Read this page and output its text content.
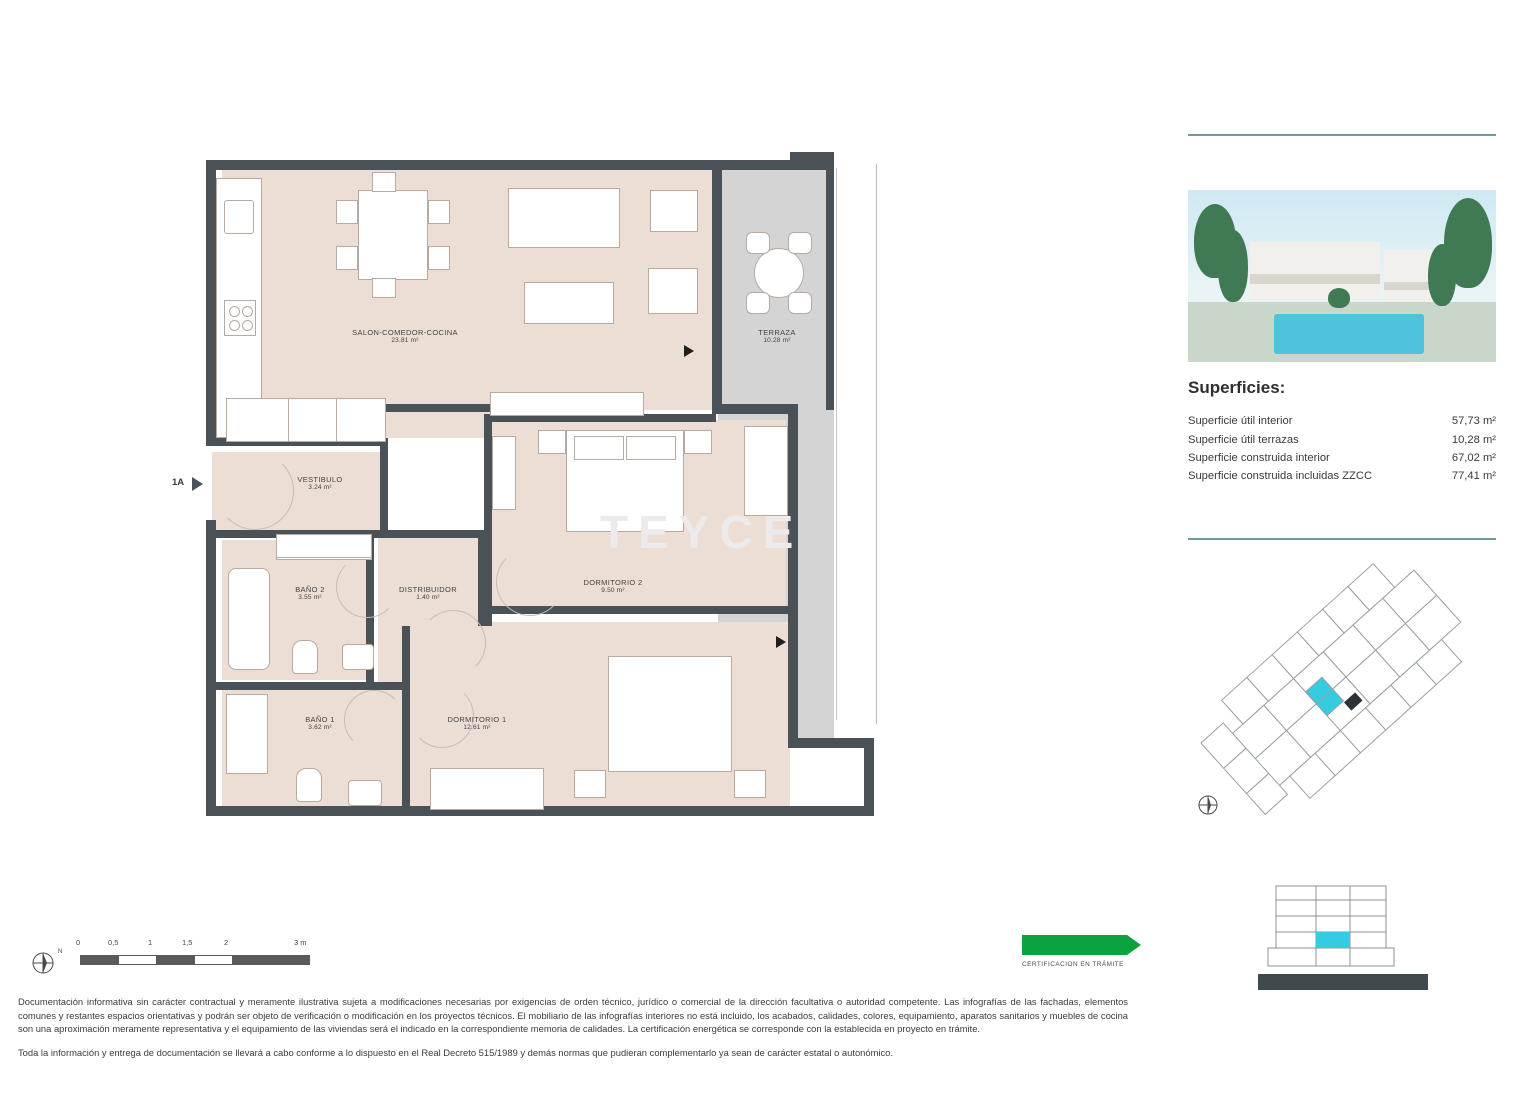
SALON-COMEDOR-COCINA
23.81 m²
TERRAZA
10.28 m²
VESTIBULO
3.24 m²
BAÑO 2
3.55 m²
DISTRIBUIDOR
1.40 m²
DORMITORIO 2
9.50 m²
BAÑO 1
3.62 m²
DORMITORIO 1
12.61 m²
TEYCE
1A
0	0,5	1	1,5	2	3 m
N
CERTIFICACION EN TRÁMITE

Documentación informativa sin carácter contractual y meramente ilustrativa sujeta a modificaciones necesarias por exigencias de orden técnico, jurídico o comercial de la dirección facultativa o autoridad competente. Las infografías de las fachadas, elementos comunes y restantes espacios orientativas y podrán ser objeto de verificación o modificación en los proyectos técnicos. El mobiliario de las infografías interiores no está incluido, los acabados, calidades, colores, equipamiento, aparatos sanitarios y muebles de cocina son una aproximación meramente representativa y el equipamiento de las viviendas será el indicado en la correspondiente memoria de calidades. La certificación energética se corresponde con la establecida en proyecto en trámite.

Toda la información y entrega de documentación se llevará a cabo conforme a lo dispuesto en el Real Decreto 515/1989 y demás normas que pudieran complementarlo ya sean de carácter estatal o autonómico.

Superficies:
Superficie útil interior	57,73 m²
Superficie útil terrazas	10,28 m²
Superficie construida interior	67,02 m²
Superficie construida incluidas ZZCC	77,41 m²
